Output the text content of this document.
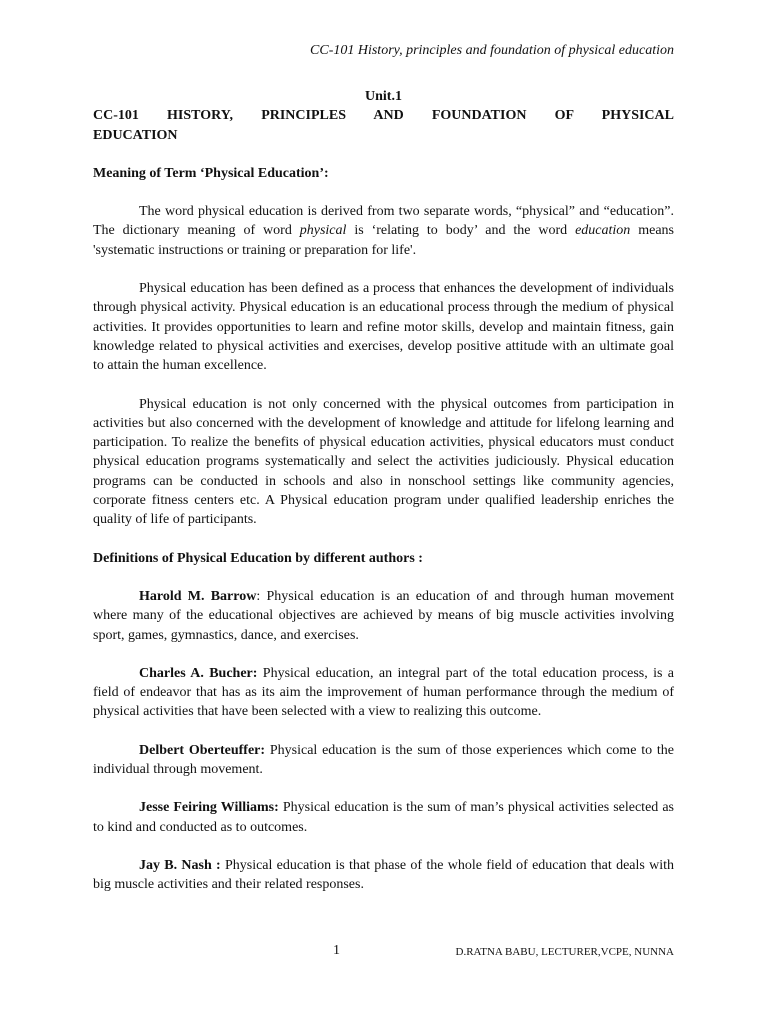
CC-101 History, principles and foundation of physical education
Unit.1
CC-101 HISTORY, PRINCIPLES AND FOUNDATION OF PHYSICAL
EDUCATION
Meaning of Term ‘Physical Education’:

The word physical education is derived from two separate words, “physical” and “education”. The dictionary meaning of word physical is ‘relating to body’ and the word education means 'systematic instructions or training or preparation for life'.

Physical education has been defined as a process that enhances the development of individuals through physical activity. Physical education is an educational process through the medium of physical activities. It provides opportunities to learn and refine motor skills, develop and maintain fitness, gain knowledge related to physical activities and exercises, develop positive attitude with an ultimate goal to attain the human excellence.

Physical education is not only concerned with the physical outcomes from participation in activities but also concerned with the development of knowledge and attitude for lifelong learning and participation. To realize the benefits of physical education activities, physical educators must conduct physical education programs systematically and select the activities judiciously. Physical education programs can be conducted in schools and also in nonschool settings like community agencies, corporate fitness centers etc. A Physical education program under qualified leadership enriches the quality of life of participants.

Definitions of Physical Education by different authors :

Harold M. Barrow: Physical education is an education of and through human movement where many of the educational objectives are achieved by means of big muscle activities involving sport, games, gymnastics, dance, and exercises.

Charles A. Bucher: Physical education, an integral part of the total education process, is a field of endeavor that has as its aim the improvement of human performance through the medium of physical activities that have been selected with a view to realizing this outcome.

Delbert Oberteuffer: Physical education is the sum of those experiences which come to the individual through movement.

Jesse Feiring Williams: Physical education is the sum of man’s physical activities selected as to kind and conducted as to outcomes.

Jay B. Nash : Physical education is that phase of the whole field of education that deals with big muscle activities and their related responses.

1	D.RATNA BABU, LECTURER,VCPE, NUNNA
